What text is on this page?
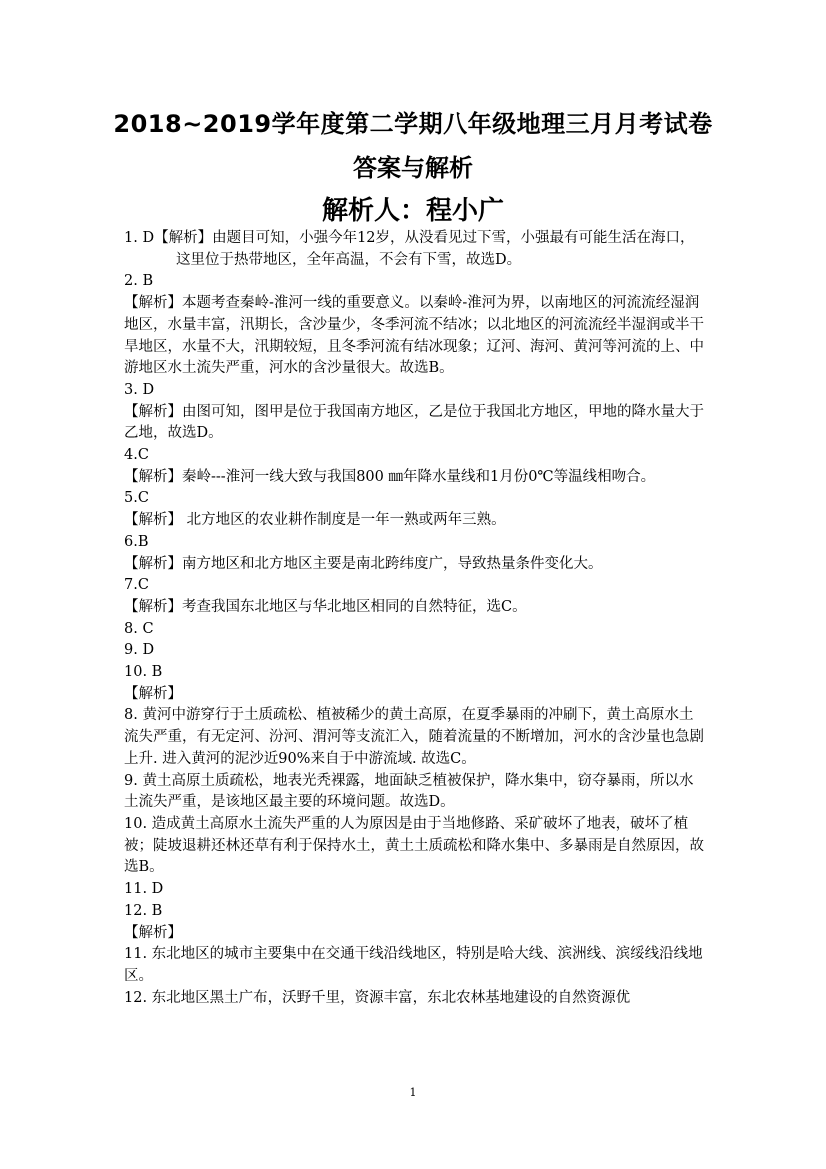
2018~2019学年度第二学期八年级地理三月月考试卷
答案与解析
解析人：程小广

1. D【解析】由题目可知，小强今年12岁，从没看见过下雪，小强最有可能生活在海口，这里位于热带地区，全年高温，不会有下雪，故选D。

2. B

【解析】本题考查秦岭-淮河一线的重要意义。以秦岭-淮河为界，以南地区的河流流经湿润地区，水量丰富，汛期长，含沙量少，冬季河流不结冰；以北地区的河流流经半湿润或半干旱地区，水量不大，汛期较短，且冬季河流有结冰现象；辽河、海河、黄河等河流的上、中游地区水土流失严重，河水的含沙量很大。故选B。

3. D

【解析】由图可知，图甲是位于我国南方地区，乙是位于我国北方地区，甲地的降水量大于乙地，故选D。

4.C

【解析】秦岭---淮河一线大致与我国800 ㎜年降水量线和1月份0℃等温线相吻合。

5.C

【解析】 北方地区的农业耕作制度是一年一熟或两年三熟。

6.B

【解析】南方地区和北方地区主要是南北跨纬度广，导致热量条件变化大。

7.C

【解析】考查我国东北地区与华北地区相同的自然特征，选C。

8. C

9. D

10. B

【解析】

8. 黄河中游穿行于土质疏松、植被稀少的黄土高原，在夏季暴雨的冲刷下，黄土高原水土流失严重，有无定河、汾河、渭河等支流汇入，随着流量的不断增加，河水的含沙量也急剧上升. 进入黄河的泥沙近90%来自于中游流域. 故选C。

9. 黄土高原土质疏松，地表光秃裸露，地面缺乏植被保护，降水集中，窃夺暴雨，所以水土流失严重，是该地区最主要的环境问题。故选D。

10. 造成黄土高原水土流失严重的人为原因是由于当地修路、采矿破坏了地表，破坏了植被；陡坡退耕还林还草有利于保持水土，黄土土质疏松和降水集中、多暴雨是自然原因，故选B。

11. D

12. B

【解析】

11. 东北地区的城市主要集中在交通干线沿线地区，特别是哈大线、滨洲线、滨绥线沿线地区。

12. 东北地区黑土广布，沃野千里，资源丰富，东北农林基地建设的自然资源优

1
